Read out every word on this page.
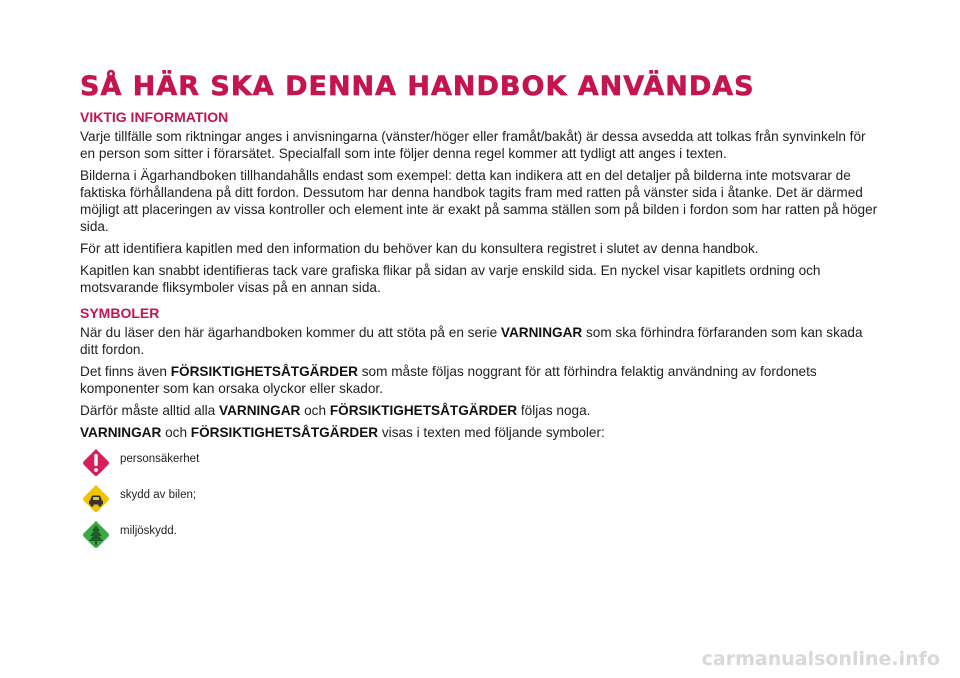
SÅ HÄR SKA DENNA HANDBOK ANVÄNDAS
VIKTIG INFORMATION

Varje tillfälle som riktningar anges i anvisningarna (vänster/höger eller framåt/bakåt) är dessa avsedda att tolkas från synvinkeln för en person som sitter i förarsätet. Specialfall som inte följer denna regel kommer att tydligt att anges i texten.

Bilderna i Ägarhandboken tillhandahålls endast som exempel: detta kan indikera att en del detaljer på bilderna inte motsvarar de faktiska förhållandena på ditt fordon. Dessutom har denna handbok tagits fram med ratten på vänster sida i åtanke. Det är därmed möjligt att placeringen av vissa kontroller och element inte är exakt på samma ställen som på bilden i fordon som har ratten på höger sida.

För att identifiera kapitlen med den information du behöver kan du konsultera registret i slutet av denna handbok.

Kapitlen kan snabbt identifieras tack vare grafiska flikar på sidan av varje enskild sida. En nyckel visar kapitlets ordning och motsvarande fliksymboler visas på en annan sida.

SYMBOLER

När du läser den här ägarhandboken kommer du att stöta på en serie VARNINGAR som ska förhindra förfaranden som kan skada ditt fordon.

Det finns även FÖRSIKTIGHETSÅTGÄRDER som måste följas noggrant för att förhindra felaktig användning av fordonets komponenter som kan orsaka olyckor eller skador.

Därför måste alltid alla VARNINGAR och FÖRSIKTIGHETSÅTGÄRDER följas noga.

VARNINGAR och FÖRSIKTIGHETSÅTGÄRDER visas i texten med följande symboler:

personsäkerhet
skydd av bilen;
miljöskydd.
carmanualsonline.info
